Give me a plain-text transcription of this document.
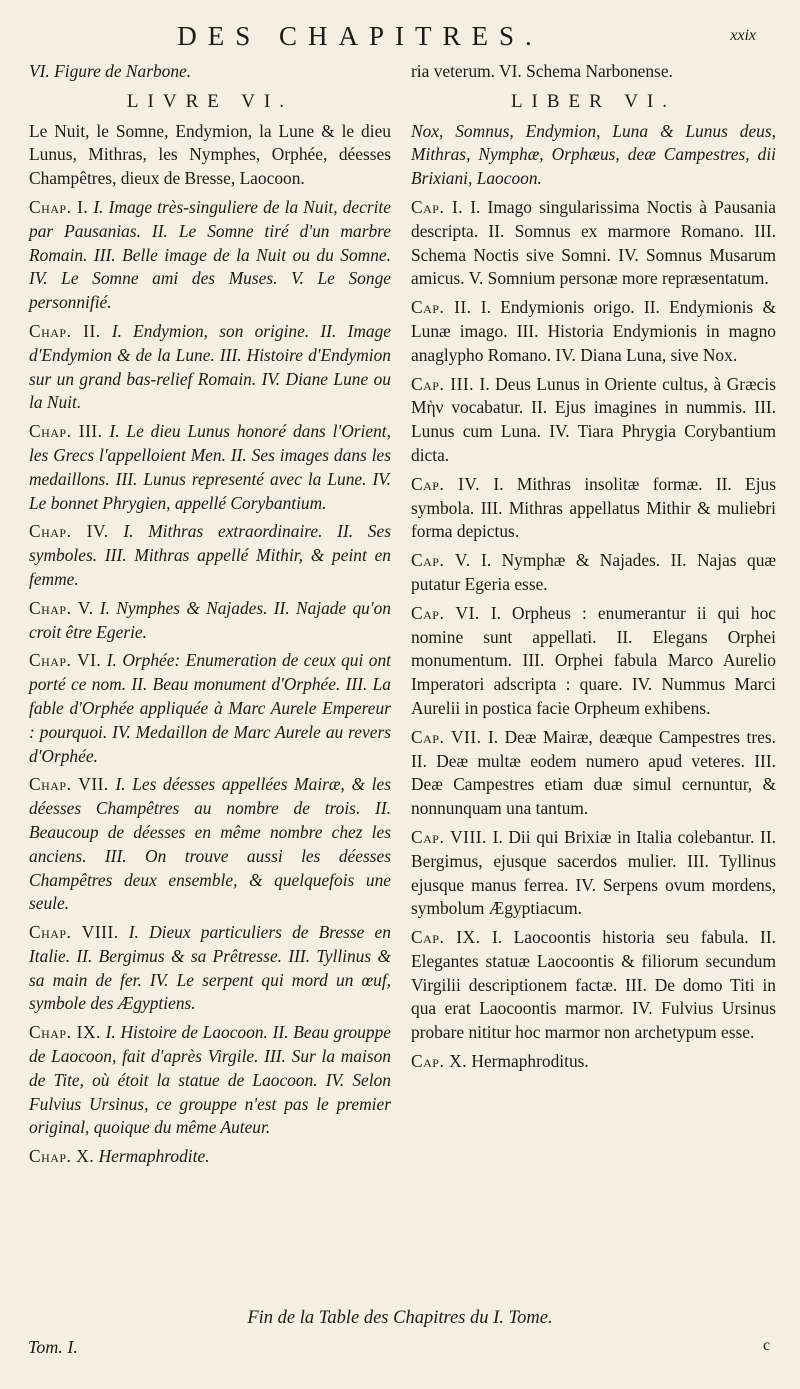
DES CHAPITRES.	xxix
VI. Figure de Narbone.
LIVRE VI.
Le Nuit, le Somne, Endymion, la Lune & le dieu Lunus, Mithras, les Nymphes, Orphée, déesses Champêtres, dieux de Bresse, Laocoon.
Chap. I. I. Image très-singuliere de la Nuit, decrite par Pausanias. II. Le Somne tiré d'un marbre Romain. III. Belle image de la Nuit ou du Somne. IV. Le Somne ami des Muses. V. Le Songe personnifié.
Chap. II. I. Endymion, son origine. II. Image d'Endymion & de la Lune. III. Histoire d'Endymion sur un grand bas-relief Romain. IV. Diane Lune ou la Nuit.
Chap. III. I. Le dieu Lunus honoré dans l'Orient, les Grecs l'appelloient Men. II. Ses images dans les medaillons. III. Lunus representé avec la Lune. IV. Le bonnet Phrygien, appellé Corybantium.
Chap. IV. I. Mithras extraordinaire. II. Ses symboles. III. Mithras appellé Mithir, & peint en femme.
Chap. V. I. Nymphes & Najades. II. Najade qu'on croit être Egerie.
Chap. VI. I. Orphée: Enumeration de ceux qui ont porté ce nom. II. Beau monument d'Orphée. III. La fable d'Orphée appliquée à Marc Aurele Empereur : pourquoi. IV. Medaillon de Marc Aurele au revers d'Orphée.
Chap. VII. I. Les déesses appellées Mairæ, & les déesses Champêtres au nombre de trois. II. Beaucoup de déesses en même nombre chez les anciens. III. On trouve aussi les déesses Champêtres deux ensemble, & quelquefois une seule.
Chap. VIII. I. Dieux particuliers de Bresse en Italie. II. Bergimus & sa Prêtresse. III. Tyllinus & sa main de fer. IV. Le serpent qui mord un œuf, symbole des Ægyptiens.
Chap. IX. I. Histoire de Laocoon. II. Beau grouppe de Laocoon, fait d'après Virgile. III. Sur la maison de Tite, où étoit la statue de Laocoon. IV. Selon Fulvius Ursinus, ce grouppe n'est pas le premier original, quoique du même Auteur.
Chap. X. Hermaphrodite.
ria veterum. VI. Schema Narbonense.
LIBER VI.
Nox, Somnus, Endymion, Luna & Lunus deus, Mithras, Nymphæ, Orphæus, deæ Campestres, dii Brixiani, Laocoon.
Cap. I. I. Imago singularissima Noctis à Pausania descripta. II. Somnus ex marmore Romano. III. Schema Noctis sive Somni. IV. Somnus Musarum amicus. V. Somnium personæ more repræsentatum.
Cap. II. I. Endymionis origo. II. Endymionis & Lunæ imago. III. Historia Endymionis in magno anaglypho Romano. IV. Diana Luna, sive Nox.
Cap. III. I. Deus Lunus in Oriente cultus, à Græcis Μὴν vocabatur. II. Ejus imagines in nummis. III. Lunus cum Luna. IV. Tiara Phrygia Corybantium dicta.
Cap. IV. I. Mithras insolitæ formæ. II. Ejus symbola. III. Mithras appellatus Mithir & muliebri forma depictus.
Cap. V. I. Nymphæ & Najades. II. Najas quæ putatur Egeria esse.
Cap. VI. I. Orpheus : enumerantur ii qui hoc nomine sunt appellati. II. Elegans Orphei monumentum. III. Orphei fabula Marco Aurelio Imperatori adscripta : quare. IV. Nummus Marci Aurelii in postica facie Orpheum exhibens.
Cap. VII. I. Deæ Mairæ, deæque Campestres tres. II. Deæ multæ eodem numero apud veteres. III. Deæ Campestres etiam duæ simul cernuntur, & nonnunquam una tantum.
Cap. VIII. I. Dii qui Brixiæ in Italia colebantur. II. Bergimus, ejusque sacerdos mulier. III. Tyllinus ejusque manus ferrea. IV. Serpens ovum mordens, symbolum Ægyptiacum.
Cap. IX. I. Laocoontis historia seu fabula. II. Elegantes statuæ Laocoontis & filiorum secundum Virgilii descriptionem factæ. III. De domo Titi in qua erat Laocoontis marmor. IV. Fulvius Ursinus probare nititur hoc marmor non archetypum esse.
Cap. X. Hermaphroditus.
Fin de la Table des Chapitres du I. Tome.
Tom. I.	c
